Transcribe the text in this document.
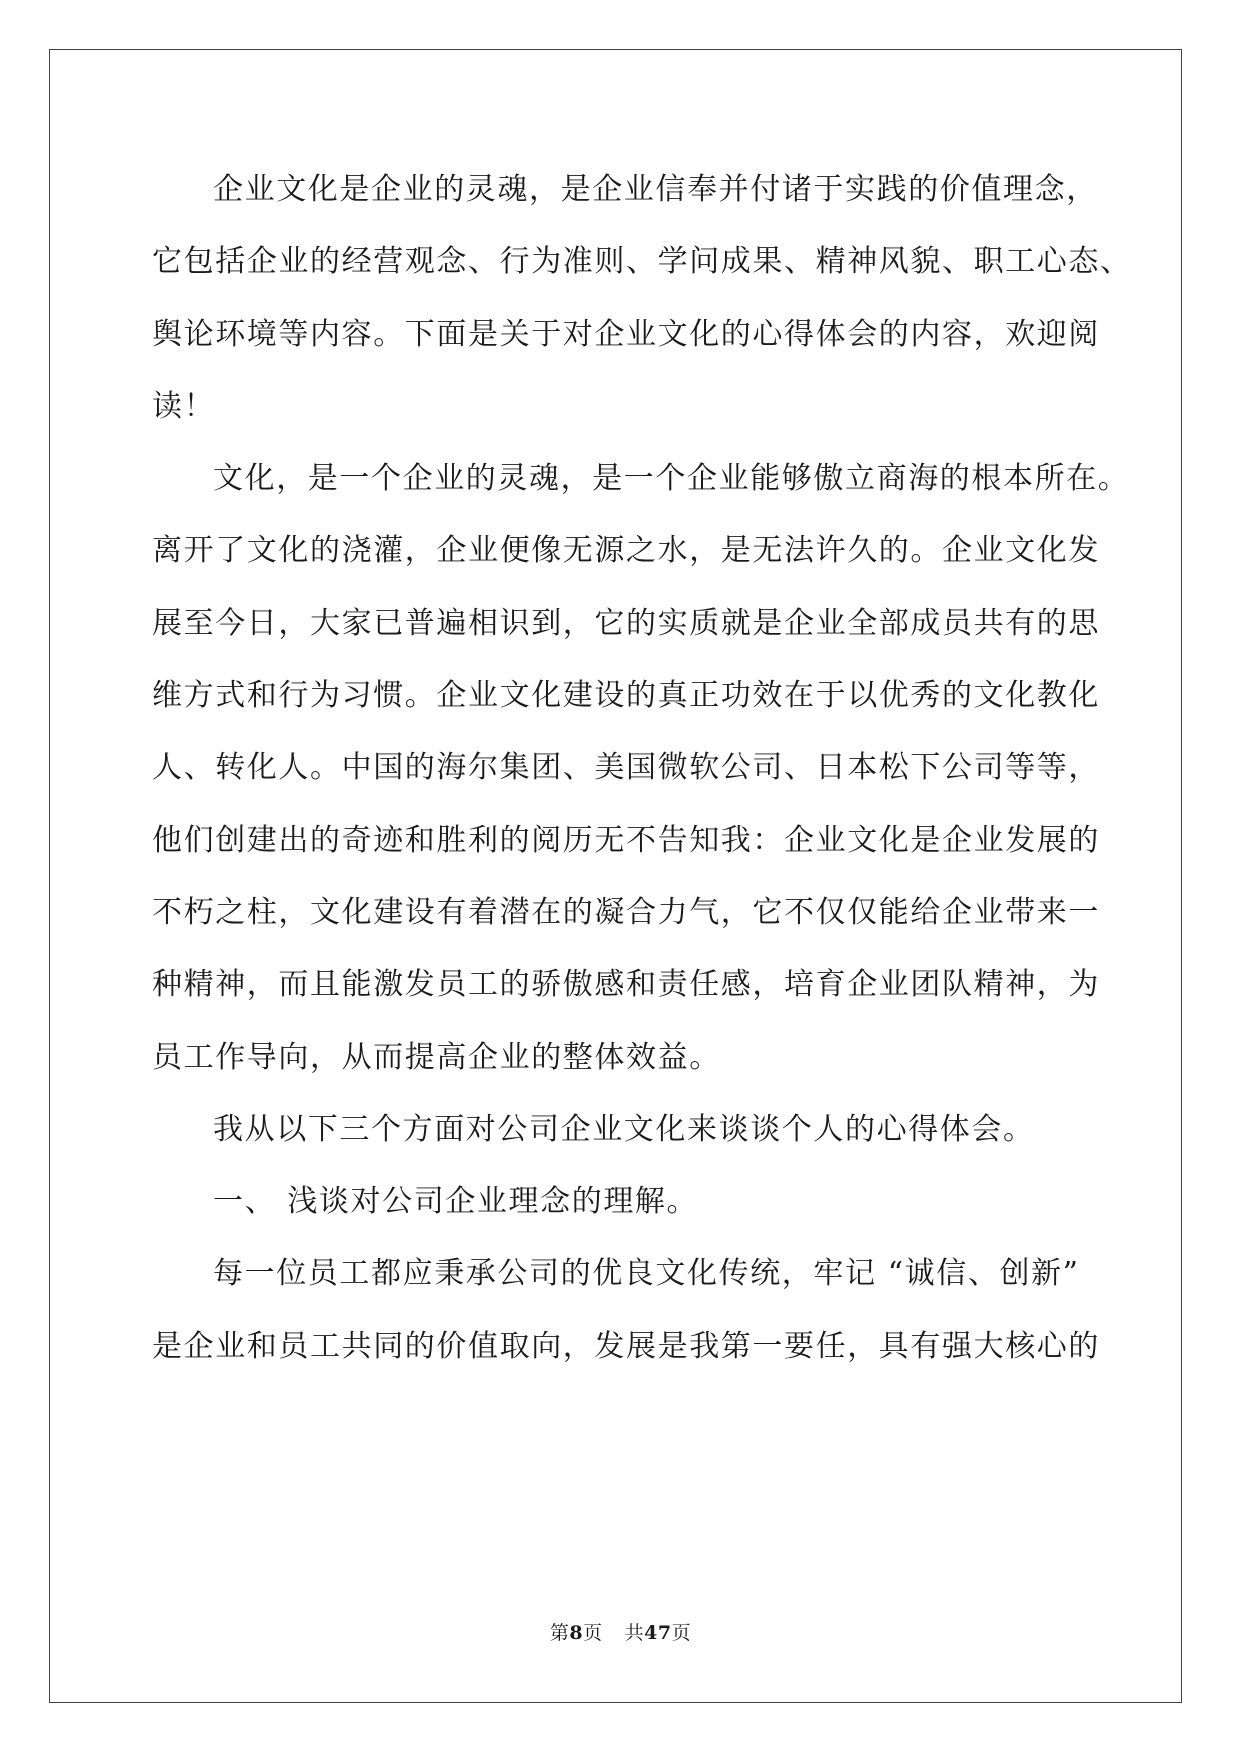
企业文化是企业的灵魂，是企业信奉并付诸于实践的价值理念，
它包括企业的经营观念、行为准则、学问成果、精神风貌、职工心态、
舆论环境等内容。下面是关于对企业文化的心得体会的内容，欢迎阅
读！
文化，是一个企业的灵魂，是一个企业能够傲立商海的根本所在。
离开了文化的浇灌，企业便像无源之水，是无法许久的。企业文化发
展至今日，大家已普遍相识到，它的实质就是企业全部成员共有的思
维方式和行为习惯。企业文化建设的真正功效在于以优秀的文化教化
人、转化人。中国的海尔集团、美国微软公司、日本松下公司等等，
他们创建出的奇迹和胜利的阅历无不告知我：企业文化是企业发展的
不朽之柱，文化建设有着潜在的凝合力气，它不仅仅能给企业带来一
种精神，而且能激发员工的骄傲感和责任感，培育企业团队精神，为
员工作导向，从而提高企业的整体效益。
我从以下三个方面对公司企业文化来谈谈个人的心得体会。
一、 浅谈对公司企业理念的理解。
每一位员工都应秉承公司的优良文化传统，牢记 “诚信、创新”
是企业和员工共同的价值取向，发展是我第一要任，具有强大核心的
第8页 共47页
